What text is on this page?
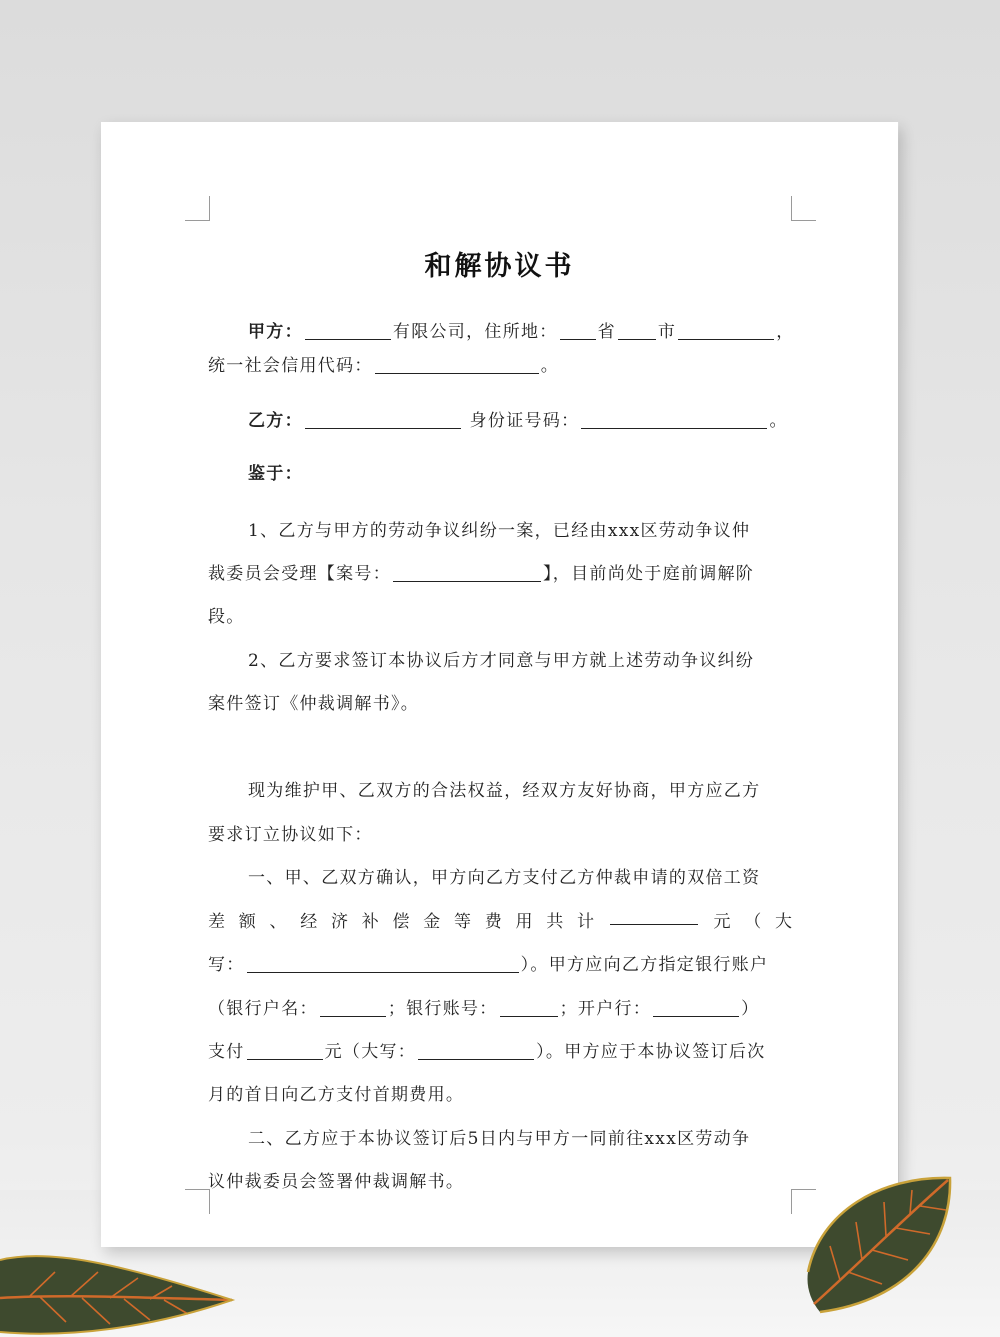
和解协议书
甲方：	有限公司，住所地： 省 市	，
统一社会信用代码：	。
乙方：	身份证号码：	。
鉴于：
1、乙方与甲方的劳动争议纠纷一案，已经由xxx区劳动争议仲
裁委员会受理【案号：	】，目前尚处于庭前调解阶
段。
2、乙方要求签订本协议后方才同意与甲方就上述劳动争议纠纷
案件签订《仲裁调解书》。
现为维护甲、乙双方的合法权益，经双方友好协商，甲方应乙方
要求订立协议如下：
一、甲、乙双方确认，甲方向乙方支付乙方仲裁申请的双倍工资
差 额 、 经 济 补 偿 金 等 费 用 共 计	元 （ 大
写：	）。甲方应向乙方指定银行账户
（银行户名：	；银行账号：	；开户行：	）
支付	元（大写：	）。甲方应于本协议签订后次
月的首日向乙方支付首期费用。
二、乙方应于本协议签订后5日内与甲方一同前往xxx区劳动争
议仲裁委员会签署仲裁调解书。
